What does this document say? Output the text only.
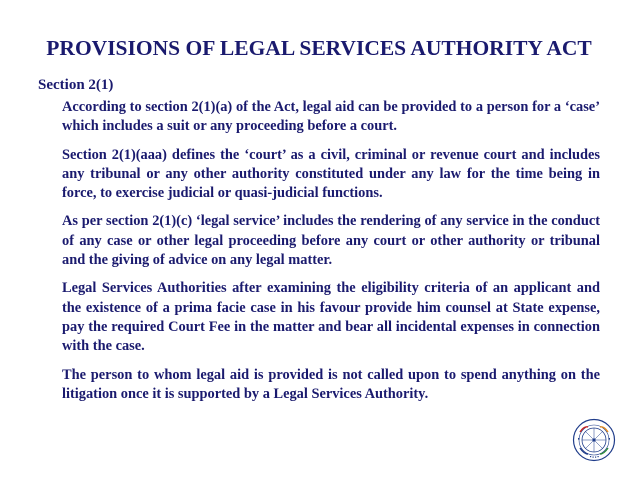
PROVISIONS OF LEGAL SERVICES AUTHORITY ACT
Section 2(1)

According to section 2(1)(a) of the Act, legal aid can be provided to a person for a ‘case’ which includes a suit or any proceeding before a court.

Section 2(1)(aaa) defines the ‘court’ as a civil, criminal or revenue court and includes any tribunal or any other authority constituted under any law for the time being in force, to exercise judicial or quasi-judicial functions.

As per section 2(1)(c) ‘legal service’ includes the rendering of any service in the conduct of any case or other legal proceeding before any court or other authority or tribunal and the giving of advice on any legal matter.

Legal Services Authorities after examining the eligibility criteria of an applicant and the existence of a prima facie case in his favour provide him counsel at State expense, pay the required Court Fee in the matter and bear all incidental expenses in connection with the case.

The person to whom legal aid is provided is not called upon to spend anything on the litigation once it is supported by a Legal Services Authority.
